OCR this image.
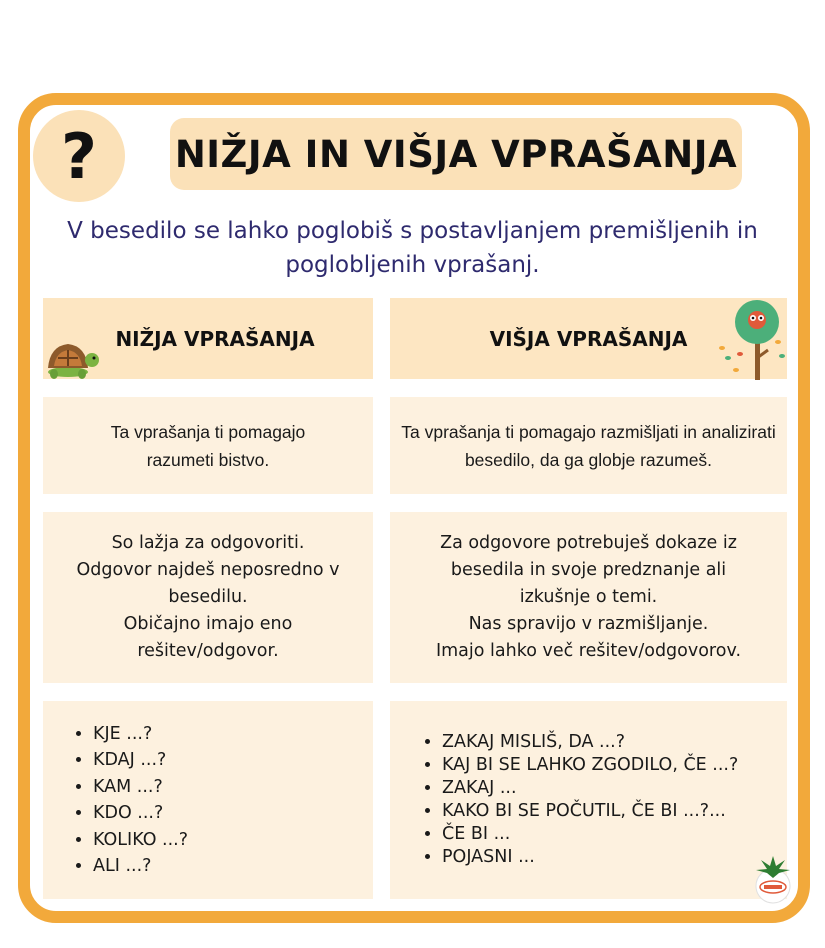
?	NIŽJA IN VIŠJA VPRAŠANJA
V besedilo se lahko poglobiš s postavljanjem premišljenih in poglobljenih vprašanj.
NIŽJA VPRAŠANJA	VIŠJA VPRAŠANJA
Ta vprašanja ti pomagajo razumeti bistvo.
Ta vprašanja ti pomagajo razmišljati in analizirati besedilo, da ga globje razumeš.
So lažja za odgovoriti.
Odgovor najdeš neposredno v
besedilu.
Običajno imajo eno
rešitev/odgovor.
Za odgovore potrebuješ dokaze iz
besedila in svoje predznanje ali
izkušnje o temi.
Nas spravijo v razmišljanje.
Imajo lahko več rešitev/odgovorov.
• KJE ...?
• KDAJ ...?
• KAM ...?
• KDO ...?
• KOLIKO ...?
• ALI ...?
• ZAKAJ MISLIŠ, DA ...?
• KAJ BI SE LAHKO ZGODILO, ČE ...?
• ZAKAJ ...
• KAKO BI SE POČUTIL, ČE BI ...?...
• ČE BI ...
• POJASNI ...
